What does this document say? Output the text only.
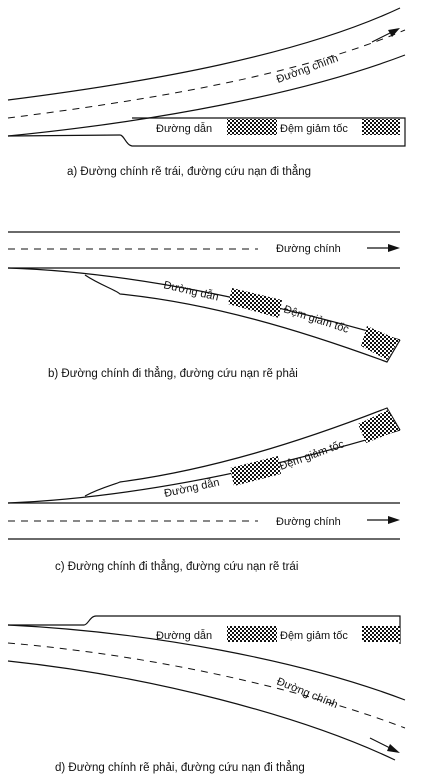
Đường chính
Đường dẫn	Đệm giảm tốc
a) Đường chính rẽ trái, đường cứu nạn đi thẳng
Đường chính
Đường dẫn
Đệm giảm tốc
b) Đường chính đi thẳng, đường cứu nạn rẽ phải
Đường chính
Đường dẫn
Đệm giảm tốc
c) Đường chính đi thẳng, đường cứu nạn rẽ trái
Đường chính
Đường dẫn	Đệm giảm tốc
d) Đường chính rẽ phải, đường cứu nạn đi thẳng
